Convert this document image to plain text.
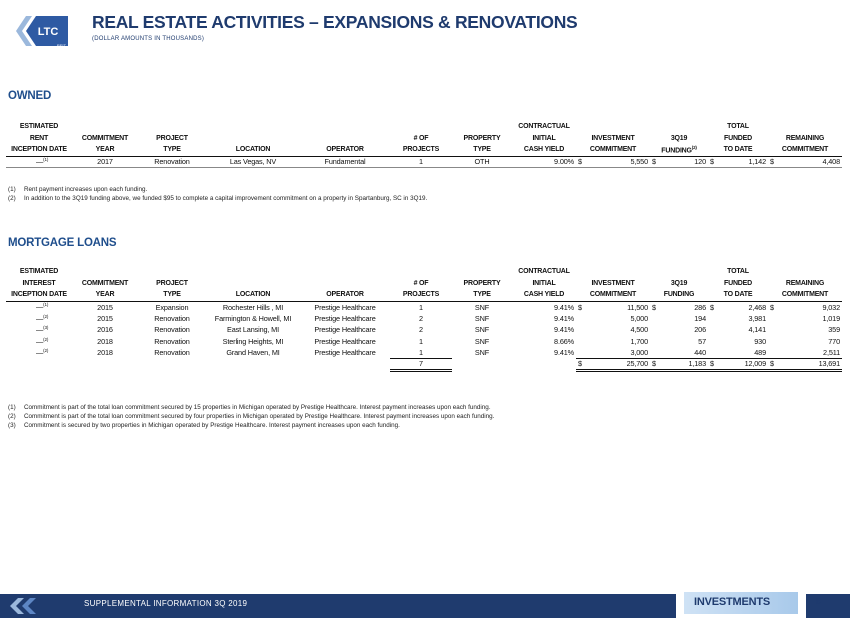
LTC
REIT
REAL ESTATE ACTIVITIES – EXPANSIONS & RENOVATIONS
(DOLLAR AMOUNTS IN THOUSANDS)
OWNED
ESTIMATED							CONTRACTUAL			TOTAL	
RENT	COMMITMENT	PROJECT			# OF	PROPERTY	INITIAL	INVESTMENT	3Q19	FUNDED	REMAINING
INCEPTION DATE	YEAR	TYPE	LOCATION	OPERATOR	PROJECTS	TYPE	CASH YIELD	COMMITMENT	FUNDING$^{(2)}$	TO DATE	COMMITMENT
—$^{(1)}$	2017	Renovation	Las Vegas, NV	Fundamental	1	OTH	9.00%	$ 5,550	$ 120	$ 1,142	$ 4,408
(1) Rent payment increases upon each funding.
(2) In addition to the 3Q19 funding above, we funded $95 to complete a capital improvement commitment on a property in Spartanburg, SC in 3Q19.
MORTGAGE LOANS
ESTIMATED							CONTRACTUAL			TOTAL	
INTEREST	COMMITMENT	PROJECT			# OF	PROPERTY	INITIAL	INVESTMENT	3Q19	FUNDED	REMAINING
INCEPTION DATE	YEAR	TYPE	LOCATION	OPERATOR	PROJECTS	TYPE	CASH YIELD	COMMITMENT	FUNDING	TO DATE	COMMITMENT
—$^{(1)}$	2015	Expansion	Rochester Hills , MI	Prestige Healthcare	1	SNF	9.41%	$ 11,500	$ 286	$ 2,468	$ 9,032

—$^{(2)}$	2015	Renovation	Farmington & Howell, MI	Prestige Healthcare	2	SNF	9.41%	5,000	194	3,981	1,019

—$^{(3)}$	2016	Renovation	East Lansing, MI	Prestige Healthcare	2	SNF	9.41%	4,500	206	4,141	359

—$^{(2)}$	2018	Renovation	Sterling Heights, MI	Prestige Healthcare	1	SNF	8.66%	1,700	57	930	770

—$^{(2)}$	2018	Renovation	Grand Haven, MI	Prestige Healthcare	1	SNF	9.41%	3,000	440	489	2,511

					7			$ 25,700	$ 1,183	$ 12,009	$ 13,691
(1) Commitment is part of the total loan commitment secured by 15 properties in Michigan operated by Prestige Healthcare. Interest payment increases upon each funding.
(2) Commitment is part of the total loan commitment secured by four properties in Michigan operated by Prestige Healthcare. Interest payment increases upon each funding.
(3) Commitment is secured by two properties in Michigan operated by Prestige Healthcare. Interest payment increases upon each funding.
SUPPLEMENTAL INFORMATION 3Q 2019	INVESTMENTS	8
